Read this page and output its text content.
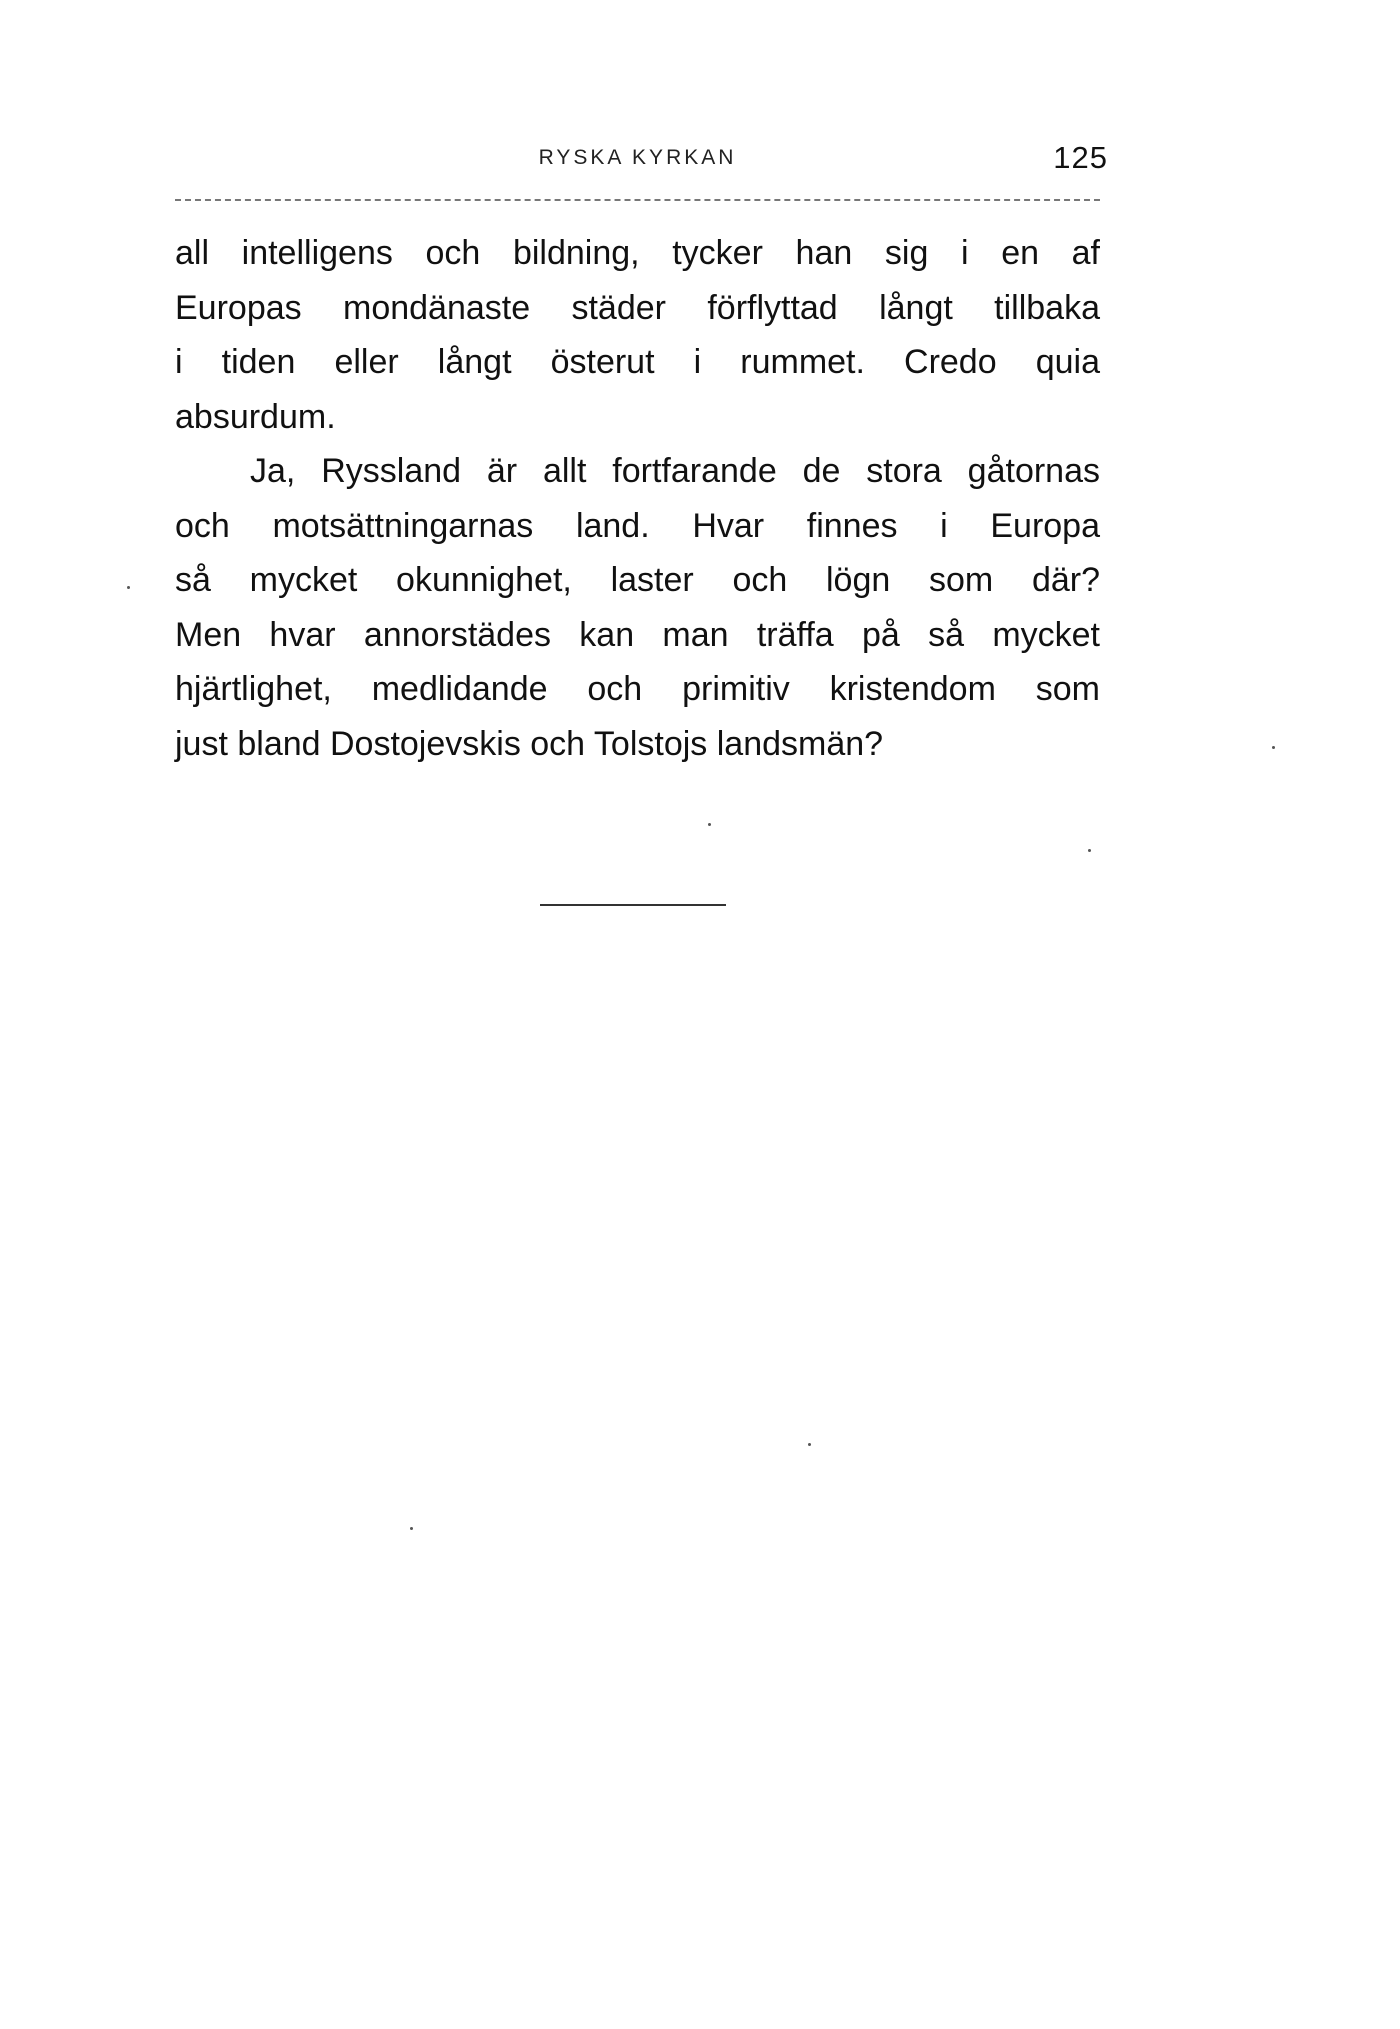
RYSKA KYRKAN	125
all intelligens och bildning, tycker han sig i en af
Europas mondänaste städer förflyttad långt tillbaka
i tiden eller långt österut i rummet. Credo quia
absurdum.
Ja, Ryssland är allt fortfarande de stora gåtornas
och motsättningarnas land. Hvar finnes i Europa
så mycket okunnighet, laster och lögn som där?
Men hvar annorstädes kan man träffa på så mycket
hjärtlighet, medlidande och primitiv kristendom som
just bland Dostojevskis och Tolstojs landsmän?
